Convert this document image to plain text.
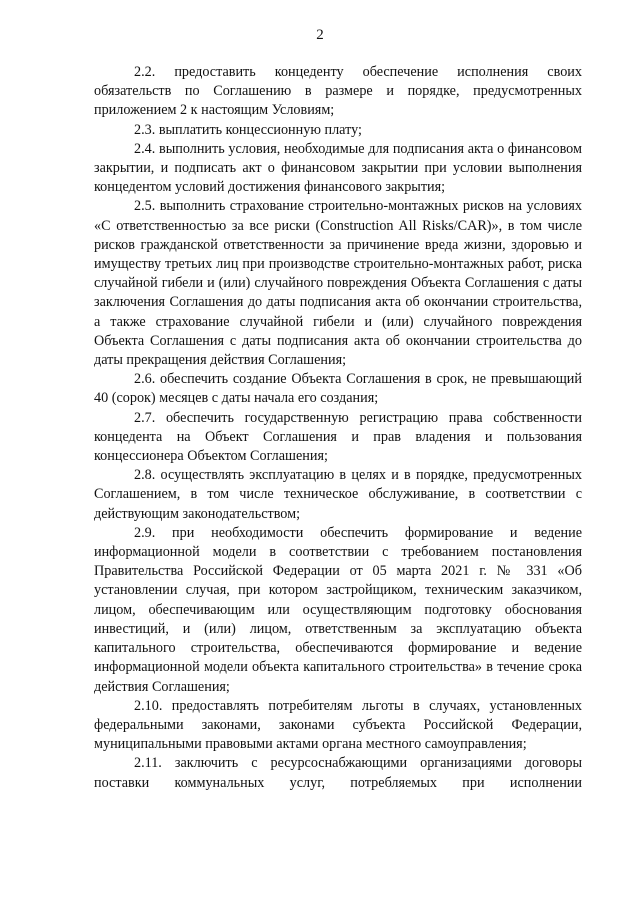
2

2.2. предоставить концеденту обеспечение исполнения своих обязательств по Соглашению в размере и порядке, предусмотренных приложением 2 к настоящим Условиям;

2.3. выплатить концессионную плату;

2.4. выполнить условия, необходимые для подписания акта о финансовом закрытии, и подписать акт о финансовом закрытии при условии выполнения концедентом условий достижения финансового закрытия;

2.5. выполнить страхование строительно-монтажных рисков на условиях «С ответственностью за все риски (Construction All Risks/CAR)», в том числе рисков гражданской ответственности за причинение вреда жизни, здоровью и имуществу третьих лиц при производстве строительно-монтажных работ, риска случайной гибели и (или) случайного повреждения Объекта Соглашения с даты заключения Соглашения до даты подписания акта об окончании строительства, а также страхование случайной гибели и (или) случайного повреждения Объекта Соглашения с даты подписания акта об окончании строительства до даты прекращения действия Соглашения;

2.6. обеспечить создание Объекта Соглашения в срок, не превышающий 40 (сорок) месяцев с даты начала его создания;

2.7. обеспечить государственную регистрацию права собственности концедента на Объект Соглашения и прав владения и пользования концессионера Объектом Соглашения;

2.8. осуществлять эксплуатацию в целях и в порядке, предусмотренных Соглашением, в том числе техническое обслуживание, в соответствии с действующим законодательством;

2.9. при необходимости обеспечить формирование и ведение информационной модели в соответствии с требованием постановления Правительства Российской Федерации от 05 марта 2021 г. № 331 «Об установлении случая, при котором застройщиком, техническим заказчиком, лицом, обеспечивающим или осуществляющим подготовку обоснования инвестиций, и (или) лицом, ответственным за эксплуатацию объекта капитального строительства, обеспечиваются формирование и ведение информационной модели объекта капитального строительства» в течение срока действия Соглашения;

2.10. предоставлять потребителям льготы в случаях, установленных федеральными законами, законами субъекта Российской Федерации, муниципальными правовыми актами органа местного самоуправления;

2.11. заключить с ресурсоснабжающими организациями договоры поставки коммунальных услуг, потребляемых при исполнении
